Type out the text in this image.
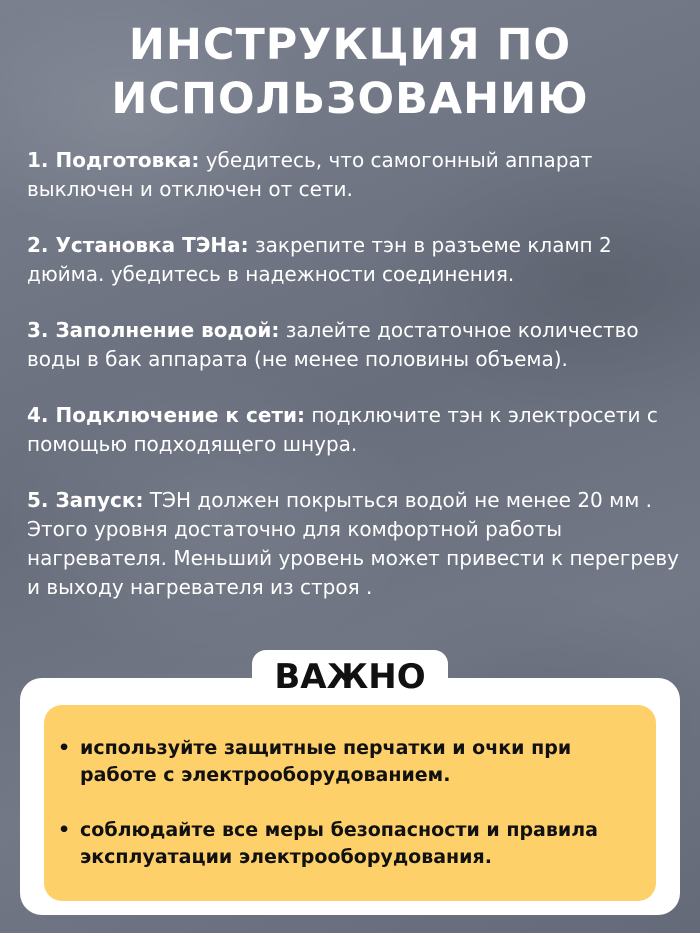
ИНСТРУКЦИЯ ПО
ИСПОЛЬЗОВАНИЮ

1. Подготовка: убедитесь, что самогонный аппарат выключен и отключен от сети.

2. Установка ТЭНа: закрепите тэн в разъеме кламп 2 дюйма. убедитесь в надежности соединения.

3. Заполнение водой: залейте достаточное количество воды в бак аппарата (не менее половины объема).

4. Подключение к сети: подключите тэн к электросети с помощью подходящего шнура.

5. Запуск: ТЭН должен покрыться водой не менее 20 мм . Этого уровня достаточно для комфортной работы нагревателя. Меньший уровень может привести к перегреву и выходу нагревателя из строя .

ВАЖНО
• используйте защитные перчатки и очки при работе с электрооборудованием.
• соблюдайте все меры безопасности и правила эксплуатации электрооборудования.
